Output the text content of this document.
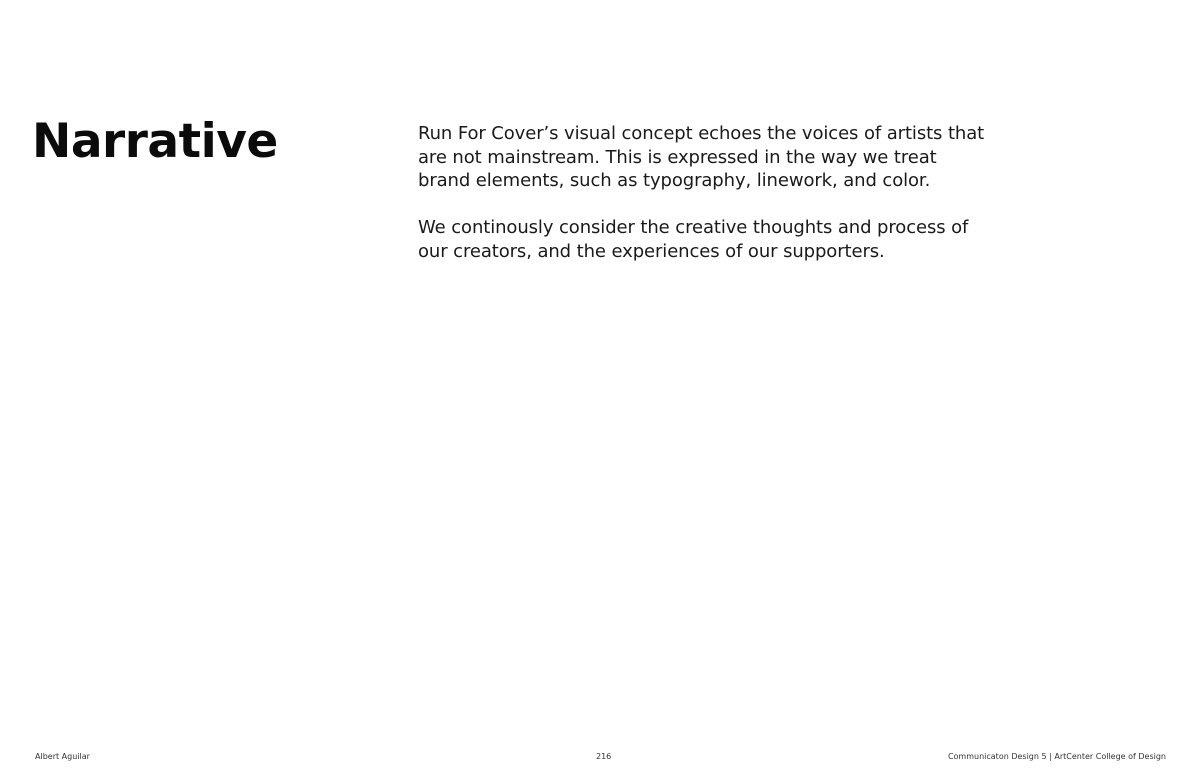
Narrative	Run For Cover’s visual concept echoes the voices of artists that are not mainstream. This is expressed in the way we treat brand elements, such as typography, linework, and color.

We continously consider the creative thoughts and process of our creators, and the experiences of our supporters.

Albert Aguilar	216	Communicaton Design 5 | ArtCenter College of Design
